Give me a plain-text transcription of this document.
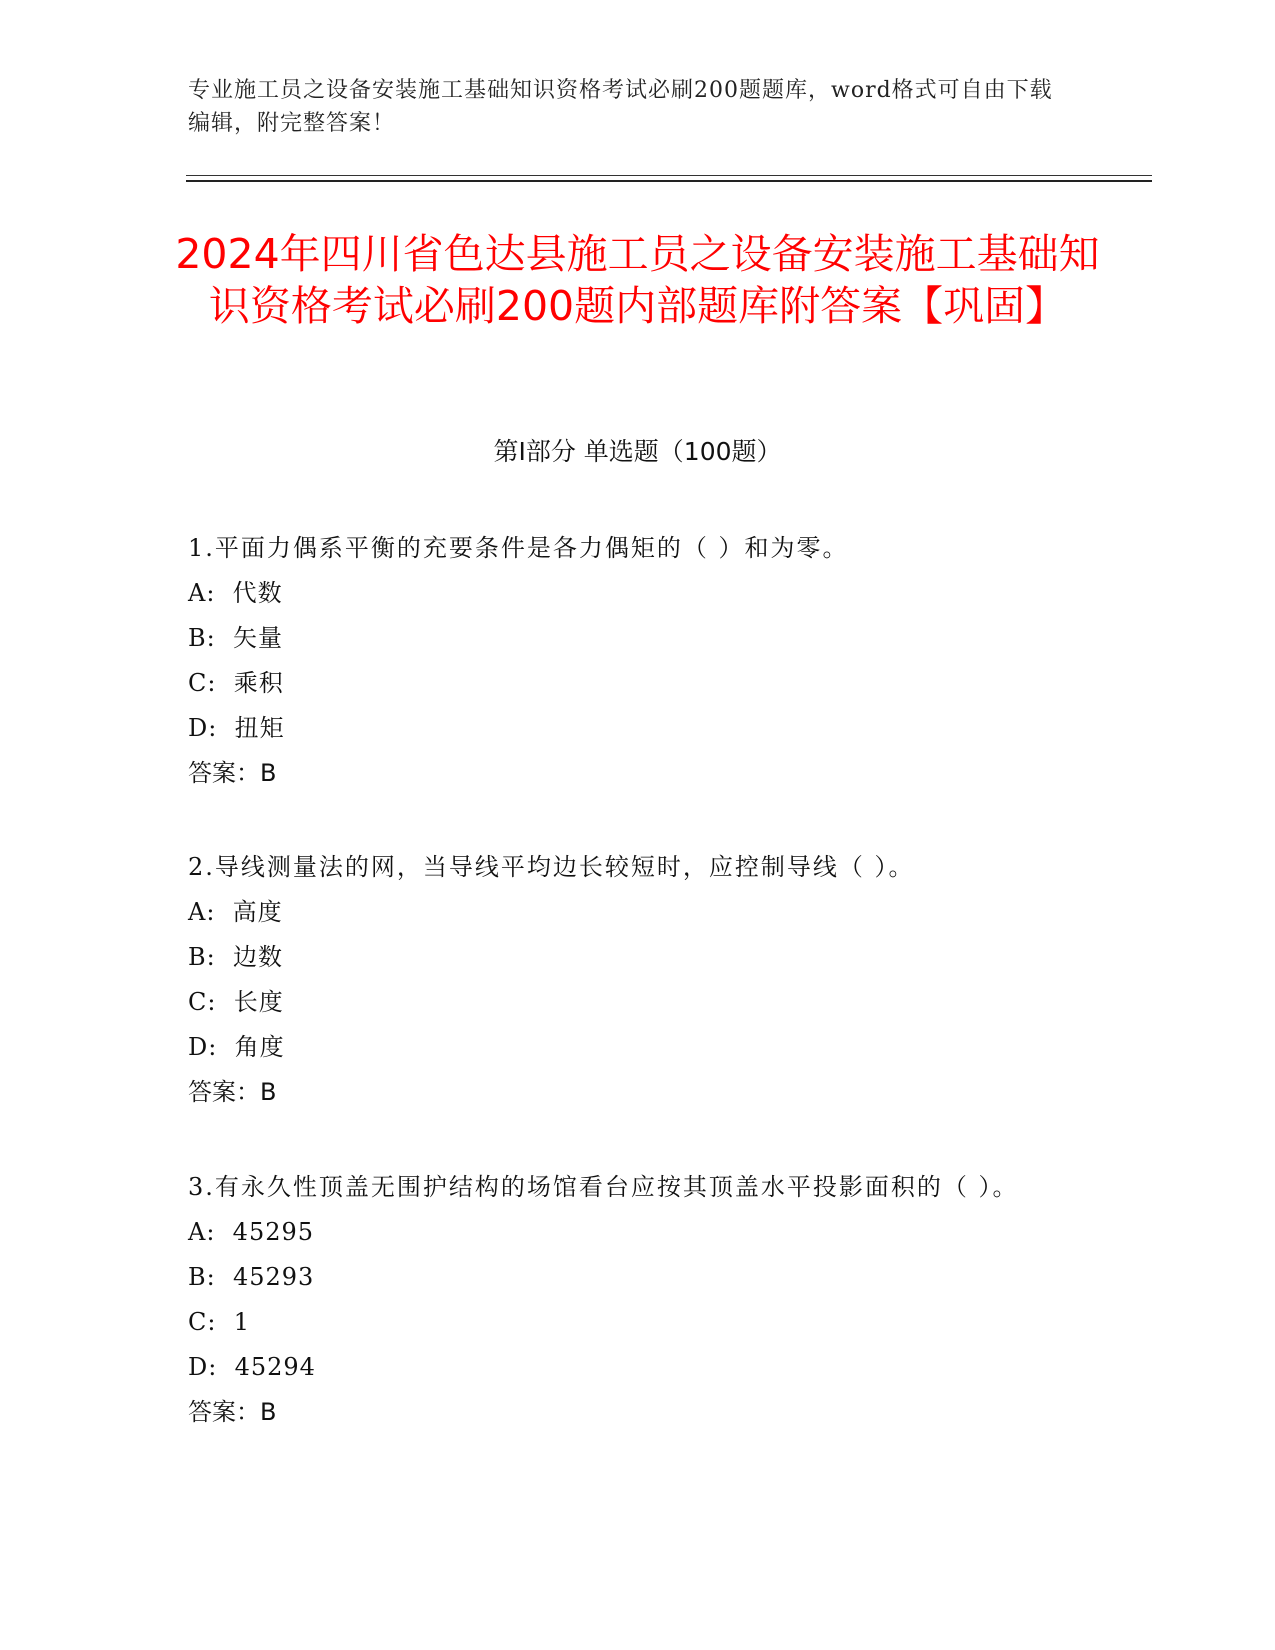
专业施工员之设备安装施工基础知识资格考试必刷200题题库，word格式可自由下载编辑，附完整答案！
2024年四川省色达县施工员之设备安装施工基础知识资格考试必刷200题内部题库附答案【巩固】
第I部分 单选题（100题）
1.平面力偶系平衡的充要条件是各力偶矩的（ ）和为零。
A:  代数
B:  矢量
C:  乘积
D:  扭矩
答案：B
2.导线测量法的网，当导线平均边长较短时，应控制导线（ ）。
A:  高度
B:  边数
C:  长度
D:  角度
答案：B
3.有永久性顶盖无围护结构的场馆看台应按其顶盖水平投影面积的（ ）。
A:  45295
B:  45293
C:  1
D:  45294
答案：B
